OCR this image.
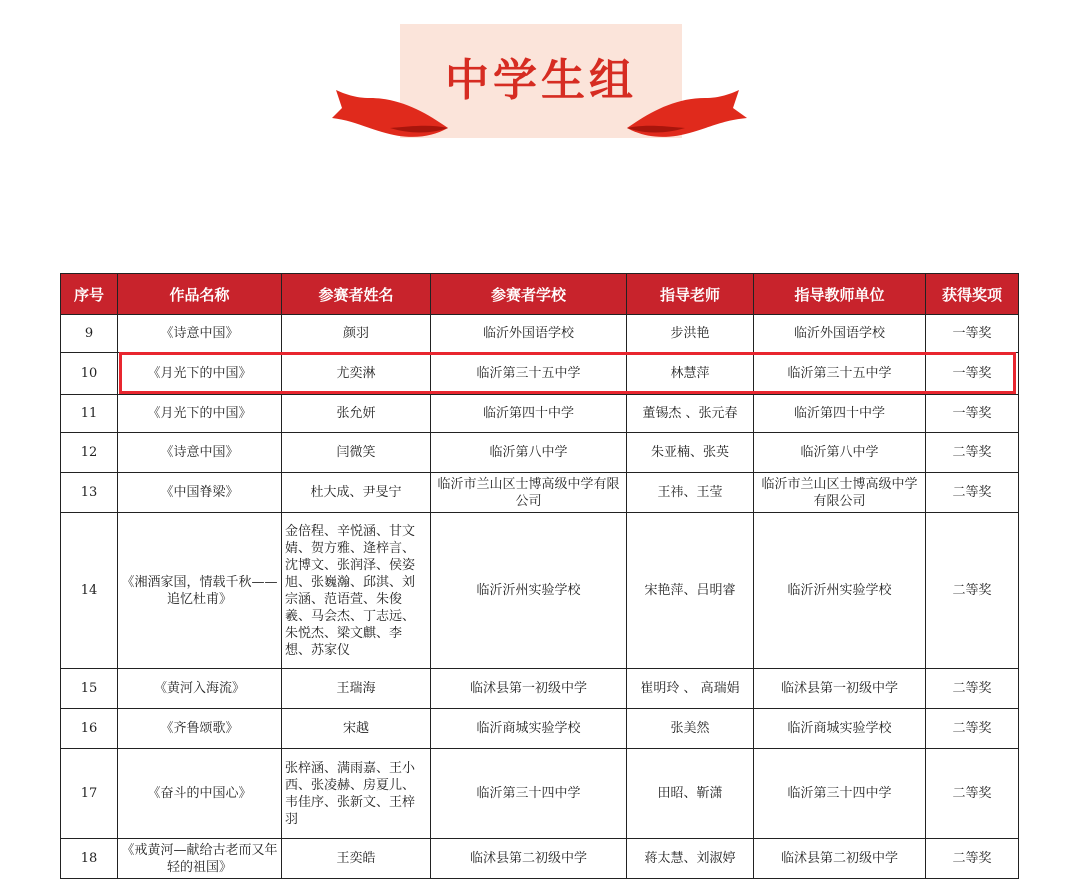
中学生组
序号	作品名称	参赛者姓名	参赛者学校	指导老师	指导教师单位	获得奖项
9	《诗意中国》	颜羽	临沂外国语学校	步洪艳	临沂外国语学校	一等奖
10	《月光下的中国》	尤奕淋	临沂第三十五中学	林慧萍	临沂第三十五中学	一等奖
11	《月光下的中国》	张允妍	临沂第四十中学	董锡杰 、张元春	临沂第四十中学	一等奖
12	《诗意中国》	闫微笑	临沂第八中学	朱亚楠、张英	临沂第八中学	二等奖
13	《中国脊梁》	杜大成、尹旻宁	临沂市兰山区士博高级中学有限公司	王祎、王莹	临沂市兰山区士博高级中学有限公司	二等奖
14	《湘酒家国，情载千秋——追忆杜甫》	金倍程、辛悦涵、甘文婧、贺方雅、逄梓言、沈博文、张润泽、侯姿旭、张巍瀚、邱淇、刘宗涵、范语萱、朱俊羲、马会杰、丁志远、朱悦杰、梁文麒、李想、苏家仪	临沂沂州实验学校	宋艳萍、吕明睿	临沂沂州实验学校	二等奖
15	《黄河入海流》	王瑞海	临沭县第一初级中学	崔明玲 、 高瑞娟	临沭县第一初级中学	二等奖
16	《齐鲁颂歌》	宋越	临沂商城实验学校	张美然	临沂商城实验学校	二等奖
17	《奋斗的中国心》	张梓涵、满雨嘉、王小西、张凌赫、房夏儿、韦佳序、张新文、王梓羽	临沂第三十四中学	田昭、靳潇	临沂第三十四中学	二等奖
18	《戒黄河—献给古老而又年轻的祖国》	王奕皓	临沭县第二初级中学	蒋太慧、刘淑婷	临沭县第二初级中学	二等奖
